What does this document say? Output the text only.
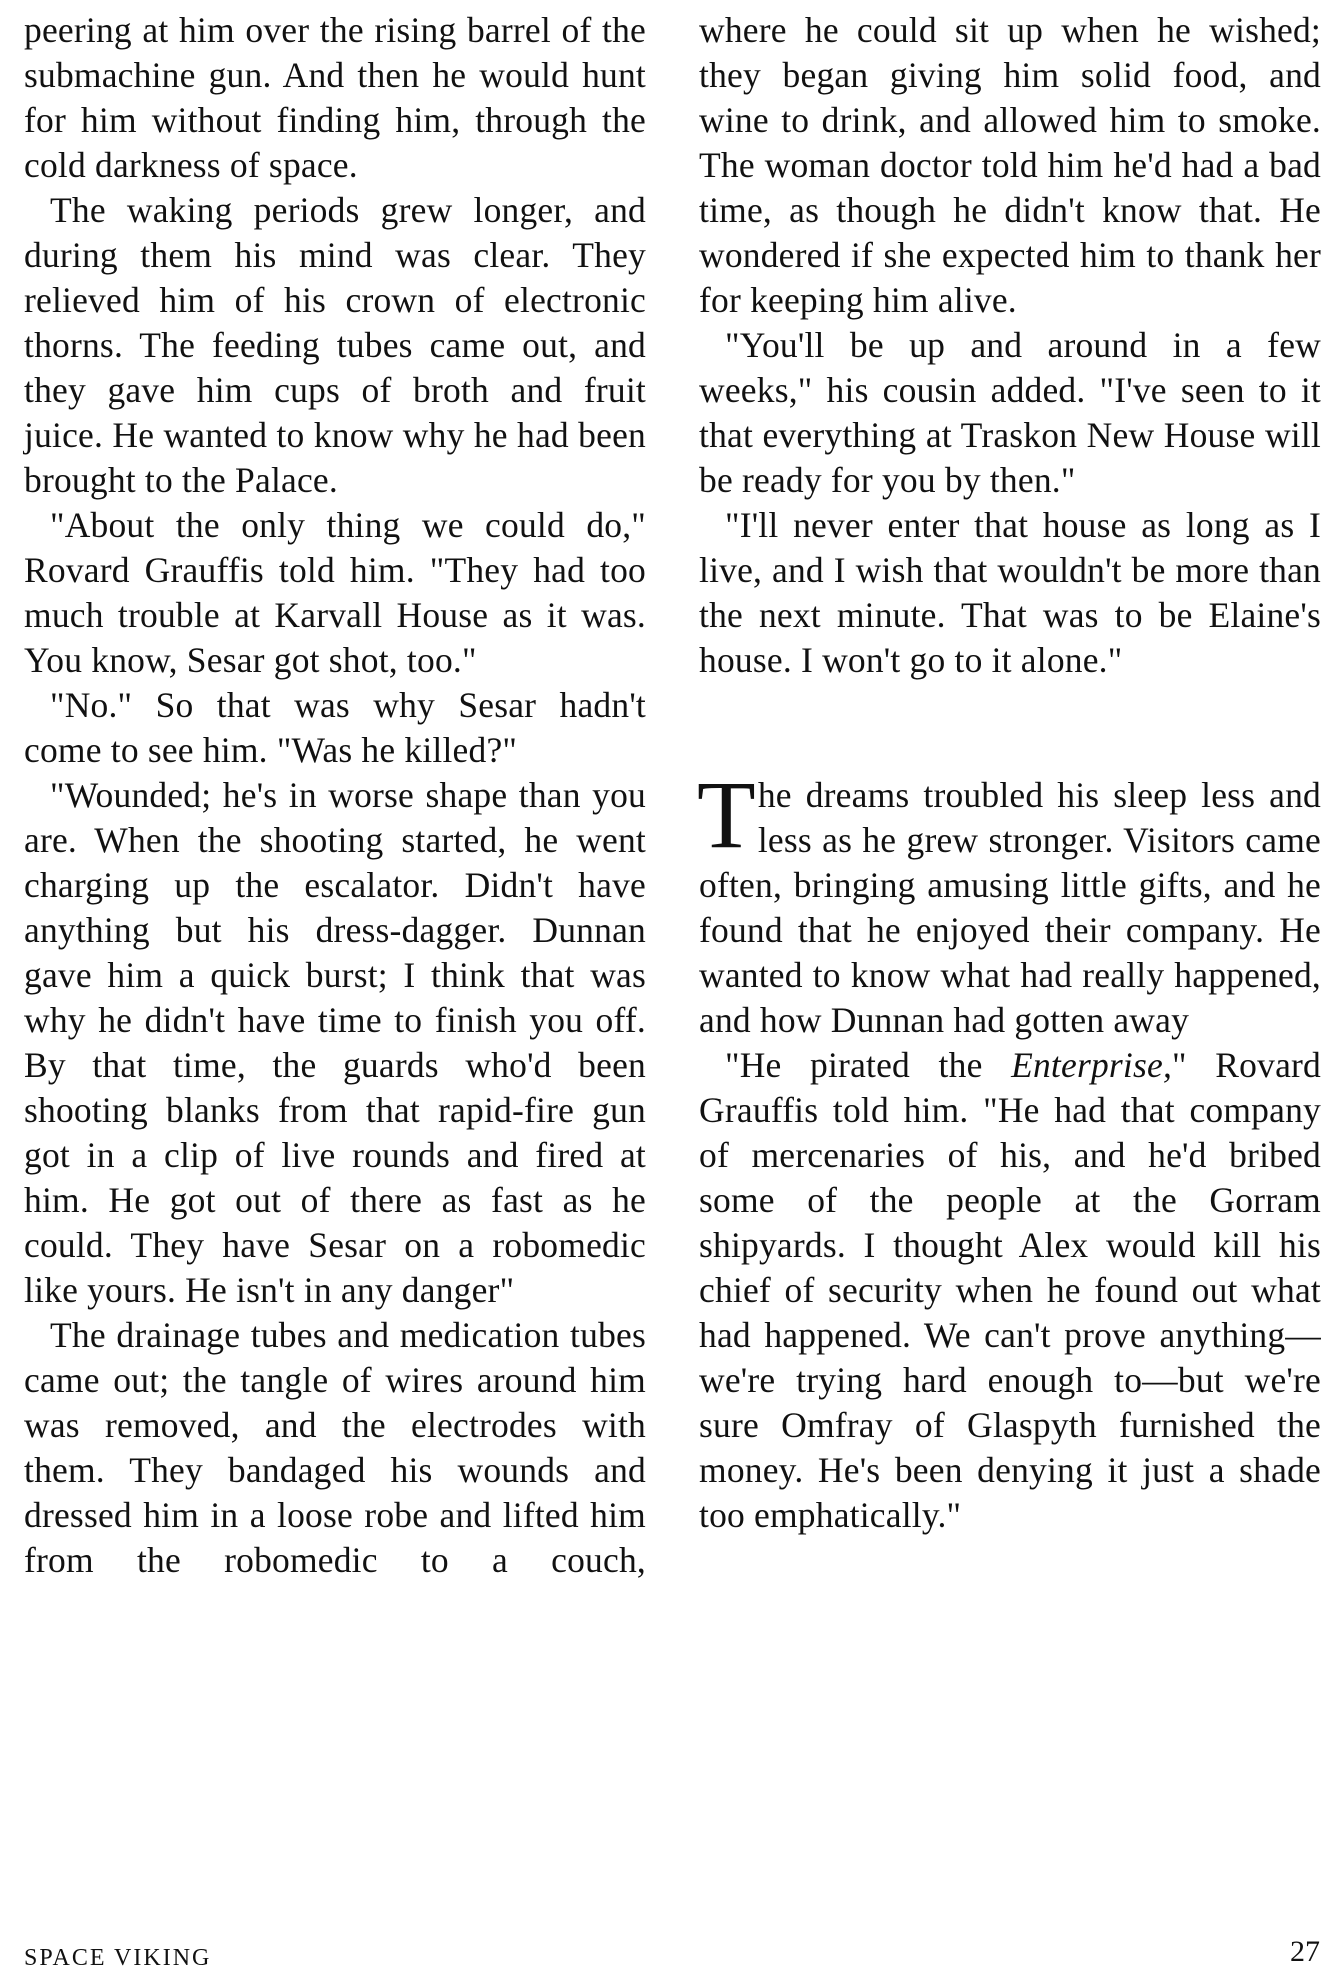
peering at him over the rising barrel of the submachine gun. And then he would hunt for him without finding him, through the cold darkness of space.

The waking periods grew longer, and during them his mind was clear. They relieved him of his crown of electronic thorns. The feeding tubes came out, and they gave him cups of broth and fruit juice. He wanted to know why he had been brought to the Palace.

"About the only thing we could do," Rovard Grauffis told him. "They had too much trouble at Karvall House as it was. You know, Sesar got shot, too."

"No." So that was why Sesar hadn't come to see him. "Was he killed?"

"Wounded; he's in worse shape than you are. When the shooting started, he went charging up the escalator. Didn't have anything but his dress-dagger. Dunnan gave him a quick burst; I think that was why he didn't have time to finish you off. By that time, the guards who'd been shooting blanks from that rapid-fire gun got in a clip of live rounds and fired at him. He got out of there as fast as he could. They have Sesar on a robomedic like yours. He isn't in any danger"

The drainage tubes and medication tubes came out; the tangle of wires around him was removed, and the electrodes with them. They bandaged his wounds and dressed him in a loose robe and lifted him from the robomedic to a couch,

where he could sit up when he wished; they began giving him solid food, and wine to drink, and allowed him to smoke. The woman doctor told him he'd had a bad time, as though he didn't know that. He wondered if she expected him to thank her for keeping him alive.

"You'll be up and around in a few weeks," his cousin added. "I've seen to it that everything at Traskon New House will be ready for you by then."

"I'll never enter that house as long as I live, and I wish that wouldn't be more than the next minute. That was to be Elaine's house. I won't go to it alone."

The dreams troubled his sleep less and less as he grew stronger. Visitors came often, bringing amusing little gifts, and he found that he enjoyed their company. He wanted to know what had really happened, and how Dunnan had gotten away

"He pirated the Enterprise," Rovard Grauffis told him. "He had that company of mercenaries of his, and he'd bribed some of the people at the Gorram shipyards. I thought Alex would kill his chief of security when he found out what had happened. We can't prove anything—we're trying hard enough to—but we're sure Omfray of Glaspyth furnished the money. He's been denying it just a shade too emphatically."

SPACE VIKING	27
